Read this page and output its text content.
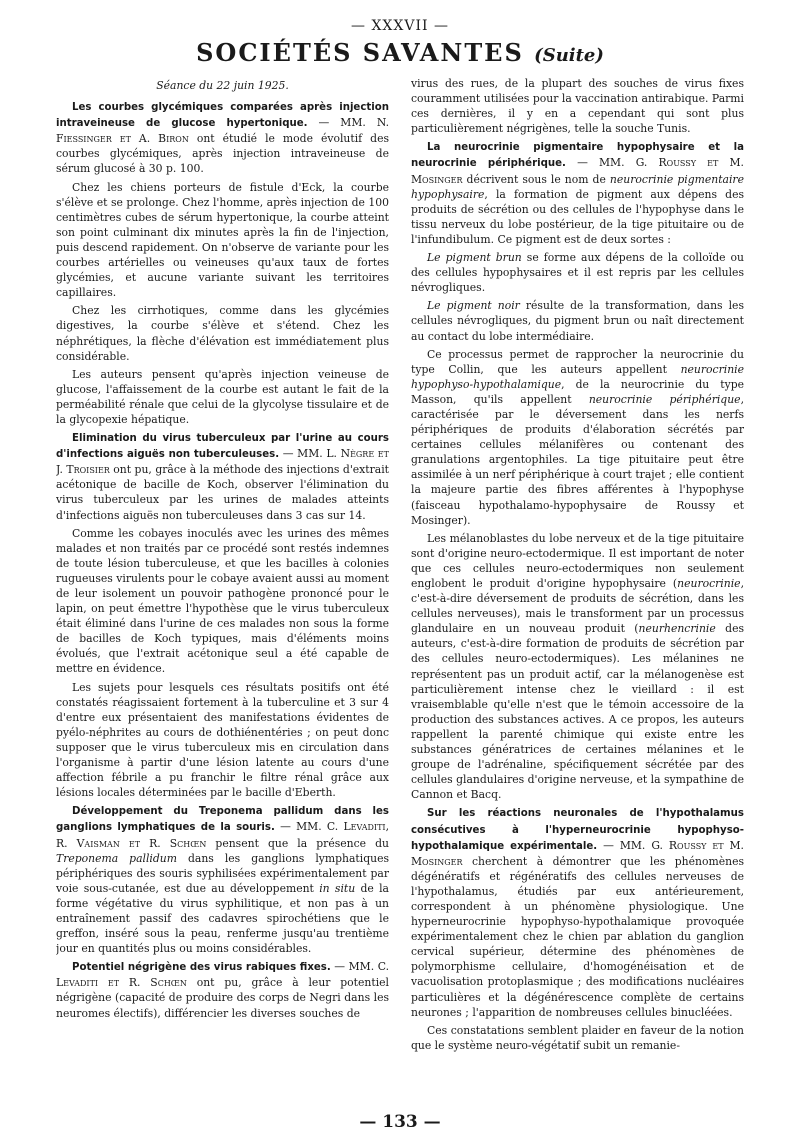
— XXXVII —
SOCIÉTÉS SAVANTES (Suite)
Séance du 22 juin 1925.

Les courbes glycémiques comparées après injection intraveineuse de glucose hypertonique. — MM. N. Fiessinger et A. Biron ont étudié le mode évolutif des courbes glycémiques, après injection intraveineuse de sérum glucosé à 30 p. 100.

Chez les chiens porteurs de fistule d'Eck, la courbe s'élève et se prolonge. Chez l'homme, après injection de 100 centimètres cubes de sérum hypertonique, la courbe atteint son point culminant dix minutes après la fin de l'injection, puis descend rapidement. On n'observe de variante pour les courbes artérielles ou veineuses qu'aux taux de fortes glycémies, et aucune variante suivant les territoires capillaires.

Chez les cirrhotiques, comme dans les glycémies digestives, la courbe s'élève et s'étend. Chez les néphrétiques, la flèche d'élévation est immédiatement plus considérable.

Les auteurs pensent qu'après injection veineuse de glucose, l'affaissement de la courbe est autant le fait de la perméabilité rénale que celui de la glycolyse tissulaire et de la glycopexie hépatique.

Elimination du virus tuberculeux par l'urine au cours d'infections aiguës non tuberculeuses. — MM. L. Nègre et J. Troisier ont pu, grâce à la méthode des injections d'extrait acétonique de bacille de Koch, observer l'élimination du virus tuberculeux par les urines de malades atteints d'infections aiguës non tuberculeuses dans 3 cas sur 14.

Comme les cobayes inoculés avec les urines des mêmes malades et non traités par ce procédé sont restés indemnes de toute lésion tuberculeuse, et que les bacilles à colonies rugueuses virulents pour le cobaye avaient aussi au moment de leur isolement un pouvoir pathogène prononcé pour le lapin, on peut émettre l'hypothèse que le virus tuberculeux était éliminé dans l'urine de ces malades non sous la forme de bacilles de Koch typiques, mais d'éléments moins évolués, que l'extrait acétonique seul a été capable de mettre en évidence.

Les sujets pour lesquels ces résultats positifs ont été constatés réagissaient fortement à la tuberculine et 3 sur 4 d'entre eux présentaient des manifestations évidentes de pyélo-néphrites au cours de dothiénentéries ; on peut donc supposer que le virus tuberculeux mis en circulation dans l'organisme à partir d'une lésion latente au cours d'une affection fébrile a pu franchir le filtre rénal grâce aux lésions locales déterminées par le bacille d'Eberth.

Développement du Treponema pallidum dans les ganglions lymphatiques de la souris. — MM. C. Levaditi, R. Vaisman et R. Schœn pensent que la présence du Treponema pallidum dans les ganglions lymphatiques périphériques des souris syphilisées expérimentalement par voie sous-cutanée, est due au développement in situ de la forme végétative du virus syphilitique, et non pas à un entraînement passif des cadavres spirochétiens que le greffon, inséré sous la peau, renferme jusqu'au trentième jour en quantités plus ou moins considérables.

Potentiel négrigène des virus rabiques fixes. — MM. C. Levaditi et R. Schœn ont pu, grâce à leur potentiel négrigène (capacité de produire des corps de Negri dans les neuromes électifs), différencier les diverses souches de

virus des rues, de la plupart des souches de virus fixes couramment utilisées pour la vaccination antirabique. Parmi ces dernières, il y en a cependant qui sont plus particulièrement négrigènes, telle la souche Tunis.

La neurocrinie pigmentaire hypophysaire et la neurocrinie périphérique. — MM. G. Roussy et M. Mosinger décrivent sous le nom de neurocrinie pigmentaire hypophysaire, la formation de pigment aux dépens des produits de sécrétion ou des cellules de l'hypophyse dans le tissu nerveux du lobe postérieur, de la tige pituitaire ou de l'infundibulum. Ce pigment est de deux sortes :

Le pigment brun se forme aux dépens de la colloïde ou des cellules hypophysaires et il est repris par les cellules névrogliques.

Le pigment noir résulte de la transformation, dans les cellules névrogliques, du pigment brun ou naît directement au contact du lobe intermédiaire.

Ce processus permet de rapprocher la neurocrinie du type Collin, que les auteurs appellent neurocrinie hypophyso-hypothalamique, de la neurocrinie du type Masson, qu'ils appellent neurocrinie périphérique, caractérisée par le déversement dans les nerfs périphériques de produits d'élaboration sécrétés par certaines cellules mélanifères ou contenant des granulations argentophiles. La tige pituitaire peut être assimilée à un nerf périphérique à court trajet ; elle contient la majeure partie des fibres afférentes à l'hypophyse (faisceau hypothalamo-hypophysaire de Roussy et Mosinger).

Les mélanoblastes du lobe nerveux et de la tige pituitaire sont d'origine neuro-ectodermique. Il est important de noter que ces cellules neuro-ectodermiques non seulement englobent le produit d'origine hypophysaire (neurocrinie, c'est-à-dire déversement de produits de sécrétion, dans les cellules nerveuses), mais le transforment par un processus glandulaire en un nouveau produit (neurhencrinie des auteurs, c'est-à-dire formation de produits de sécrétion par des cellules neuro-ectodermiques). Les mélanines ne représentent pas un produit actif, car la mélanogenèse est particulièrement intense chez le vieillard : il est vraisemblable qu'elle n'est que le témoin accessoire de la production des substances actives. A ce propos, les auteurs rappellent la parenté chimique qui existe entre les substances génératrices de certaines mélanines et le groupe de l'adrénaline, spécifiquement sécrétée par des cellules glandulaires d'origine nerveuse, et la sympathine de Cannon et Bacq.

Sur les réactions neuronales de l'hypothalamus consécutives à l'hyperneurocrinie hypophyso-hypothalamique expérimentale. — MM. G. Roussy et M. Mosinger cherchent à démontrer que les phénomènes dégénératifs et régénératifs des cellules nerveuses de l'hypothalamus, étudiés par eux antérieurement, correspondent à un phénomène physiologique. Une hyperneurocrinie hypophyso-hypothalamique provoquée expérimentalement chez le chien par ablation du ganglion cervical supérieur, détermine des phénomènes de polymorphisme cellulaire, d'homogénéisation et de vacuolisation protoplasmique ; des modifications nucléaires particulières et la dégénérescence complète de certains neurones ; l'apparition de nombreuses cellules binucléées.

Ces constatations semblent plaider en faveur de la notion que le système neuro-végétatif subit un remanie-

— 133 —
